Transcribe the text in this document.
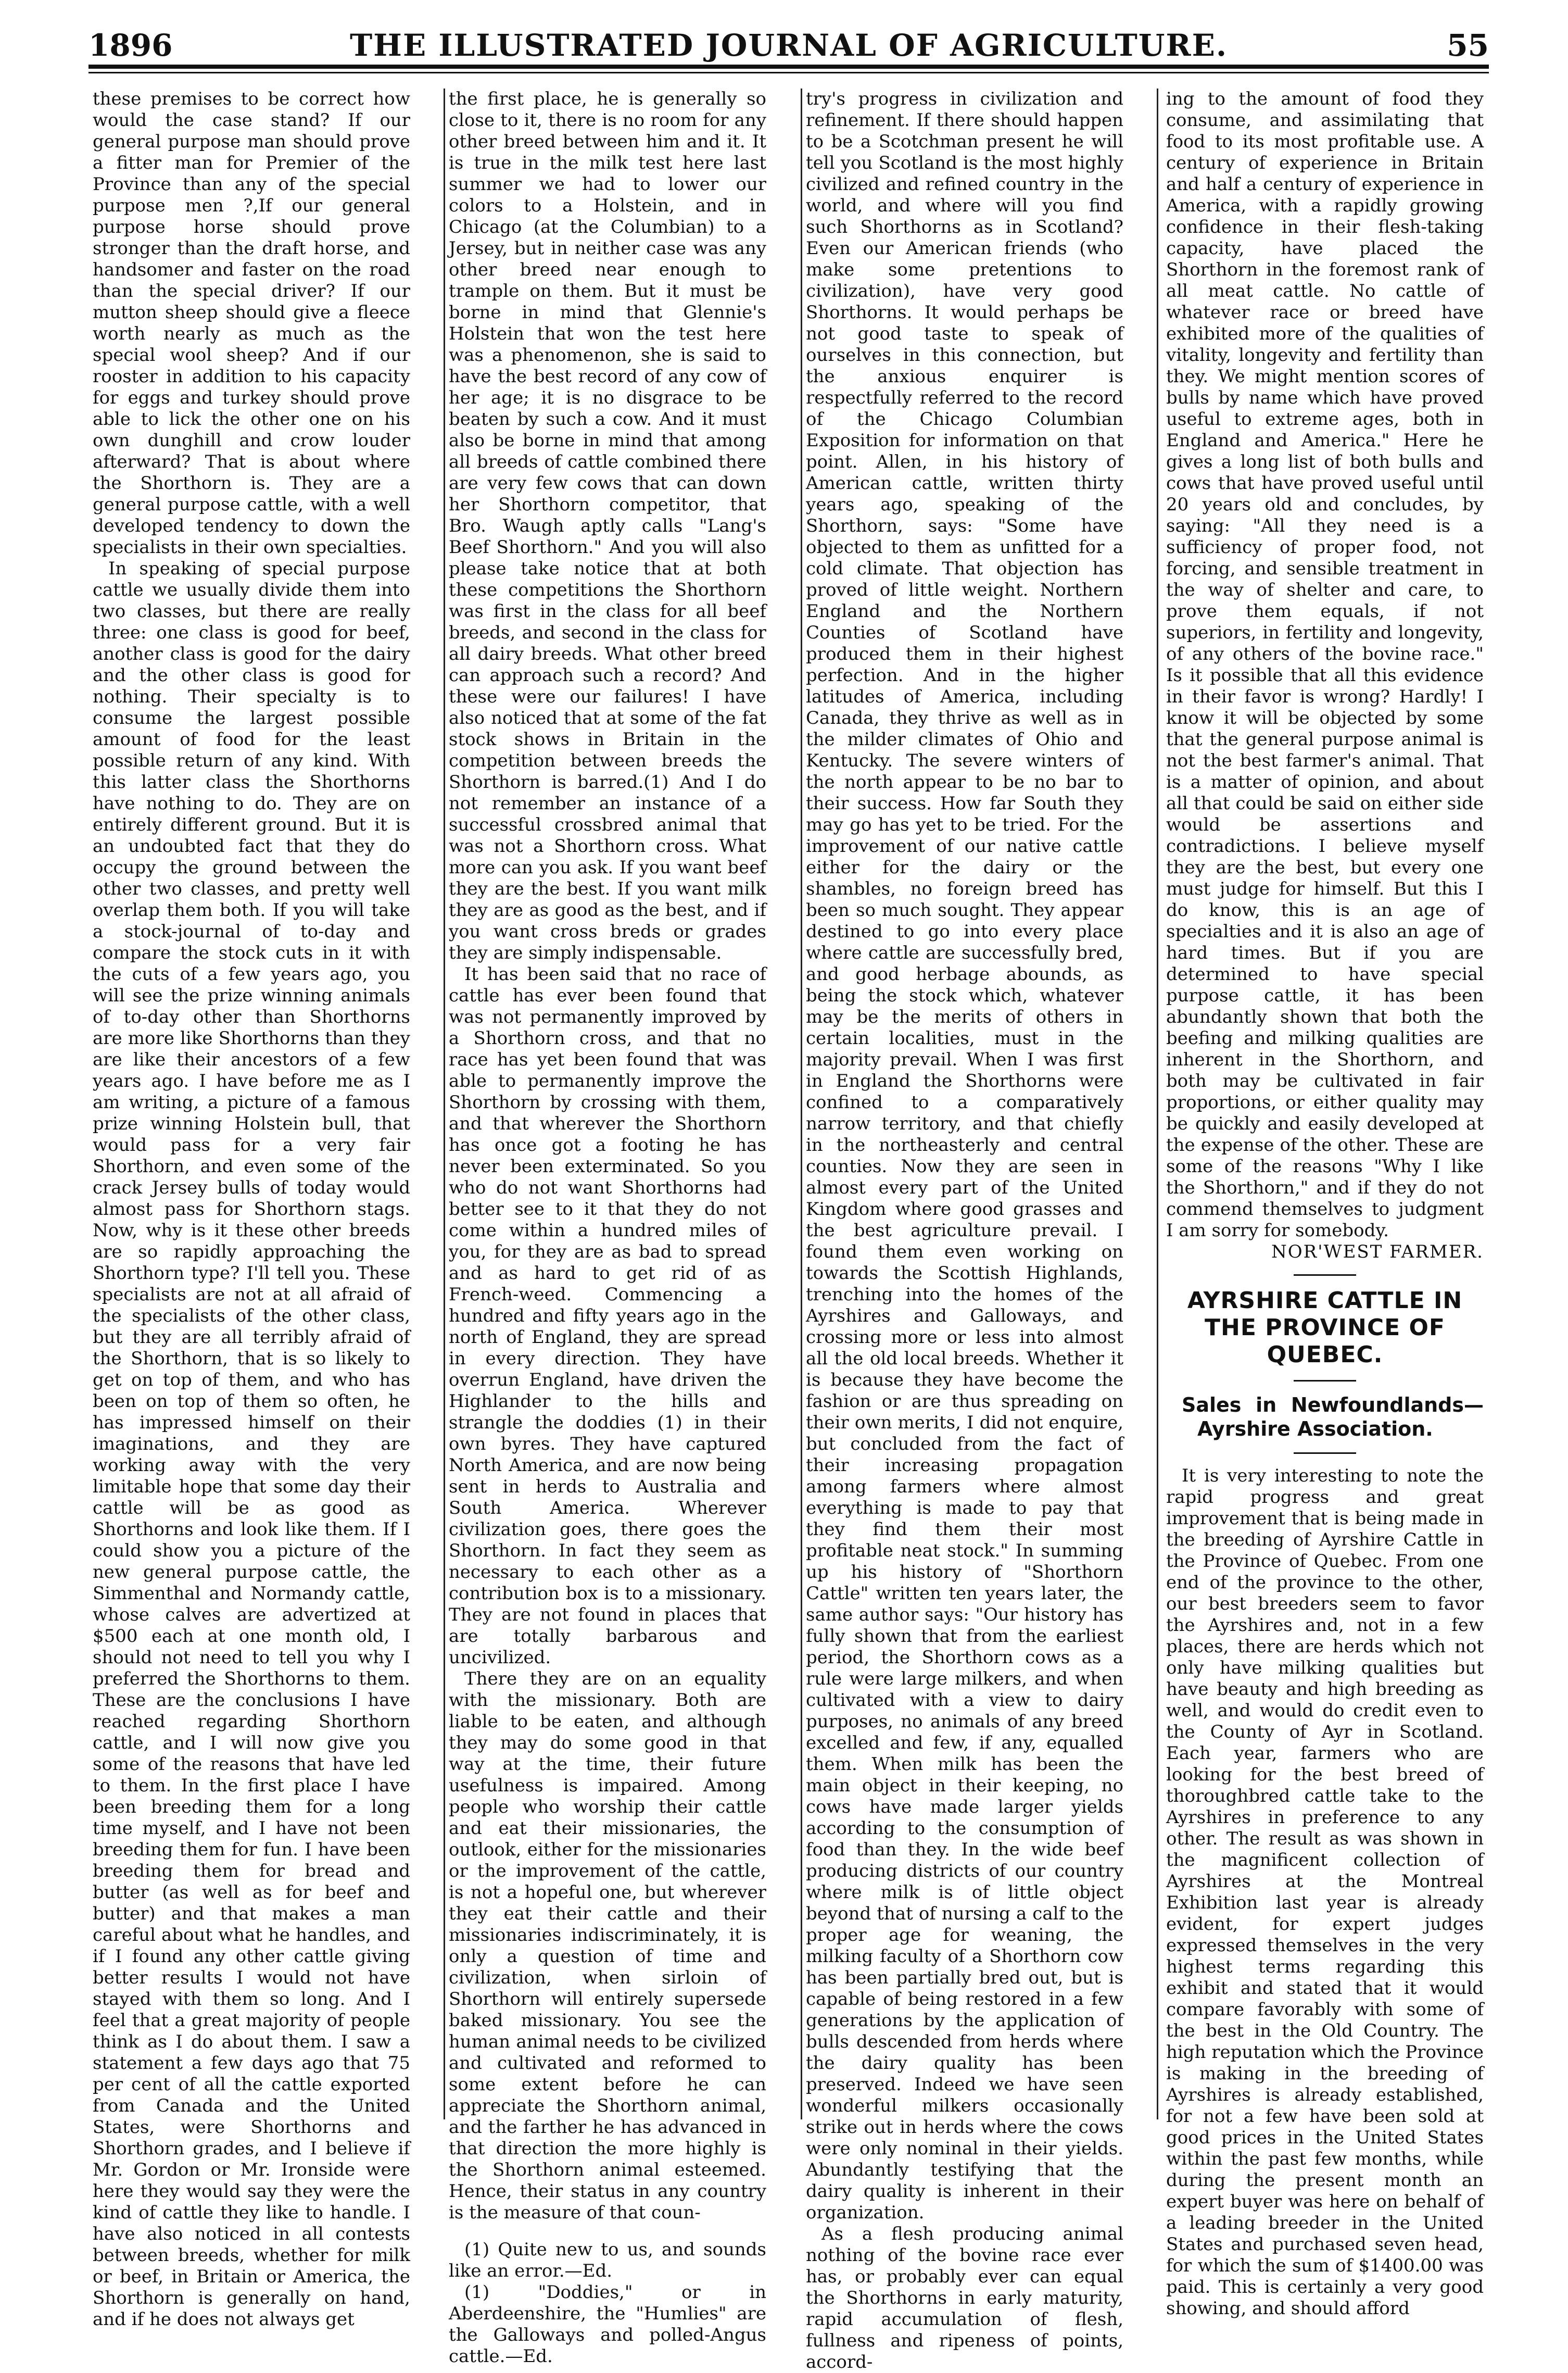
1896	THE ILLUSTRATED JOURNAL OF AGRICULTURE.	55

these premises to be correct how would the case stand? If our general purpose man should prove a fitter man for Premier of the Province than any of the special purpose men ?,If our general purpose horse should prove stronger than the draft horse, and handsomer and faster on the road than the special driver? If our mutton sheep should give a fleece worth nearly as much as the special wool sheep? And if our rooster in addition to his capacity for eggs and turkey should prove able to lick the other one on his own dunghill and crow louder afterward? That is about where the Shorthorn is. They are a general purpose cattle, with a well developed tendency to down the specialists in their own specialties.

In speaking of special purpose cattle we usually divide them into two classes, but there are really three: one class is good for beef, another class is good for the dairy and the other class is good for nothing. Their specialty is to consume the largest possible amount of food for the least possible return of any kind. With this latter class the Shorthorns have nothing to do. They are on entirely different ground. But it is an undoubted fact that they do occupy the ground between the other two classes, and pretty well overlap them both. If you will take a stock-journal of to-day and compare the stock cuts in it with the cuts of a few years ago, you will see the prize winning animals of to-day other than Shorthorns are more like Shorthorns than they are like their ancestors of a few years ago. I have before me as I am writing, a picture of a famous prize winning Holstein bull, that would pass for a very fair Shorthorn, and even some of the crack Jersey bulls of today would almost pass for Shorthorn stags. Now, why is it these other breeds are so rapidly approaching the Shorthorn type? I'll tell you. These specialists are not at all afraid of the specialists of the other class, but they are all terribly afraid of the Shorthorn, that is so likely to get on top of them, and who has been on top of them so often, he has impressed himself on their imaginations, and they are working away with the very limitable hope that some day their cattle will be as good as Shorthorns and look like them. If I could show you a picture of the new general purpose cattle, the Simmenthal and Normandy cattle, whose calves are advertized at $500 each at one month old, I should not need to tell you why I preferred the Shorthorns to them. These are the conclusions I have reached regarding Shorthorn cattle, and I will now give you some of the reasons that have led to them. In the first place I have been breeding them for a long time myself, and I have not been breeding them for fun. I have been breeding them for bread and butter (as well as for beef and butter) and that makes a man careful about what he handles, and if I found any other cattle giving better results I would not have stayed with them so long. And I feel that a great majority of people think as I do about them. I saw a statement a few days ago that 75 per cent of all the cattle exported from Canada and the United States, were Shorthorns and Shorthorn grades, and I believe if Mr. Gordon or Mr. Ironside were here they would say they were the kind of cattle they like to handle. I have also noticed in all contests between breeds, whether for milk or beef, in Britain or America, the Shorthorn is generally on hand, and if he does not always get

the first place, he is generally so close to it, there is no room for any other breed between him and it. It is true in the milk test here last summer we had to lower our colors to a Holstein, and in Chicago (at the Columbian) to a Jersey, but in neither case was any other breed near enough to trample on them. But it must be borne in mind that Glennie's Holstein that won the test here was a phenomenon, she is said to have the best record of any cow of her age; it is no disgrace to be beaten by such a cow. And it must also be borne in mind that among all breeds of cattle combined there are very few cows that can down her Shorthorn competitor, that Bro. Waugh aptly calls "Lang's Beef Shorthorn." And you will also please take notice that at both these competitions the Shorthorn was first in the class for all beef breeds, and second in the class for all dairy breeds. What other breed can approach such a record? And these were our failures! I have also noticed that at some of the fat stock shows in Britain in the competition between breeds the Shorthorn is barred.(1) And I do not remember an instance of a successful crossbred animal that was not a Shorthorn cross. What more can you ask. If you want beef they are the best. If you want milk they are as good as the best, and if you want cross breds or grades they are simply indispensable.

It has been said that no race of cattle has ever been found that was not permanently improved by a Shorthorn cross, and that no race has yet been found that was able to permanently improve the Shorthorn by crossing with them, and that wherever the Shorthorn has once got a footing he has never been exterminated. So you who do not want Shorthorns had better see to it that they do not come within a hundred miles of you, for they are as bad to spread and as hard to get rid of as French-weed. Commencing a hundred and fifty years ago in the north of England, they are spread in every direction. They have overrun England, have driven the Highlander to the hills and strangle the doddies (1) in their own byres. They have captured North America, and are now being sent in herds to Australia and South America. Wherever civilization goes, there goes the Shorthorn. In fact they seem as necessary to each other as a contribution box is to a missionary. They are not found in places that are totally barbarous and uncivilized.

There they are on an equality with the missionary. Both are liable to be eaten, and although they may do some good in that way at the time, their future usefulness is impaired. Among people who worship their cattle and eat their missionaries, the outlook, either for the missionaries or the improvement of the cattle, is not a hopeful one, but wherever they eat their cattle and their missionaries indiscriminately, it is only a question of time and civilization, when sirloin of Shorthorn will entirely supersede baked missionary. You see the human animal needs to be civilized and cultivated and reformed to some extent before he can appreciate the Shorthorn animal, and the farther he has advanced in that direction the more highly is the Shorthorn animal esteemed. Hence, their status in any country is the measure of that coun-

(1) Quite new to us, and sounds like an error.—Ed.

(1) "Doddies," or in Aberdeenshire, the "Humlies" are the Galloways and polled-Angus cattle.—Ed.

try's progress in civilization and refinement. If there should happen to be a Scotchman present he will tell you Scotland is the most highly civilized and refined country in the world, and where will you find such Shorthorns as in Scotland? Even our American friends (who make some pretentions to civilization), have very good Shorthorns. It would perhaps be not good taste to speak of ourselves in this connection, but the anxious enquirer is respectfully referred to the record of the Chicago Columbian Exposition for information on that point. Allen, in his history of American cattle, written thirty years ago, speaking of the Shorthorn, says: "Some have objected to them as unfitted for a cold climate. That objection has proved of little weight. Northern England and the Northern Counties of Scotland have produced them in their highest perfection. And in the higher latitudes of America, including Canada, they thrive as well as in the milder climates of Ohio and Kentucky. The severe winters of the north appear to be no bar to their success. How far South they may go has yet to be tried. For the improvement of our native cattle either for the dairy or the shambles, no foreign breed has been so much sought. They appear destined to go into every place where cattle are successfully bred, and good herbage abounds, as being the stock which, whatever may be the merits of others in certain localities, must in the majority prevail. When I was first in England the Shorthorns were confined to a comparatively narrow territory, and that chiefly in the northeasterly and central counties. Now they are seen in almost every part of the United Kingdom where good grasses and the best agriculture prevail. I found them even working on towards the Scottish Highlands, trenching into the homes of the Ayrshires and Galloways, and crossing more or less into almost all the old local breeds. Whether it is because they have become the fashion or are thus spreading on their own merits, I did not enquire, but concluded from the fact of their increasing propagation among farmers where almost everything is made to pay that they find them their most profitable neat stock." In summing up his history of "Shorthorn Cattle" written ten years later, the same author says: "Our history has fully shown that from the earliest period, the Shorthorn cows as a rule were large milkers, and when cultivated with a view to dairy purposes, no animals of any breed excelled and few, if any, equalled them. When milk has been the main object in their keeping, no cows have made larger yields according to the consumption of food than they. In the wide beef producing districts of our country where milk is of little object beyond that of nursing a calf to the proper age for weaning, the milking faculty of a Shorthorn cow has been partially bred out, but is capable of being restored in a few generations by the application of bulls descended from herds where the dairy quality has been preserved. Indeed we have seen wonderful milkers occasionally strike out in herds where the cows were only nominal in their yields. Abundantly testifying that the dairy quality is inherent in their organization.

As a flesh producing animal nothing of the bovine race ever has, or probably ever can equal the Shorthorns in early maturity, rapid accumulation of flesh, fullness and ripeness of points, accord-

ing to the amount of food they consume, and assimilating that food to its most profitable use. A century of experience in Britain and half a century of experience in America, with a rapidly growing confidence in their flesh-taking capacity, have placed the Shorthorn in the foremost rank of all meat cattle. No cattle of whatever race or breed have exhibited more of the qualities of vitality, longevity and fertility than they. We might mention scores of bulls by name which have proved useful to extreme ages, both in England and America." Here he gives a long list of both bulls and cows that have proved useful until 20 years old and concludes, by saying: "All they need is a sufficiency of proper food, not forcing, and sensible treatment in the way of shelter and care, to prove them equals, if not superiors, in fertility and longevity, of any others of the bovine race." Is it possible that all this evidence in their favor is wrong? Hardly! I know it will be objected by some that the general purpose animal is not the best farmer's animal. That is a matter of opinion, and about all that could be said on either side would be assertions and contradictions. I believe myself they are the best, but every one must judge for himself. But this I do know, this is an age of specialties and it is also an age of hard times. But if you are determined to have special purpose cattle, it has been abundantly shown that both the beefing and milking qualities are inherent in the Shorthorn, and both may be cultivated in fair proportions, or either quality may be quickly and easily developed at the expense of the other. These are some of the reasons "Why I like the Shorthorn," and if they do not commend themselves to judgment I am sorry for somebody.

NOR'WEST FARMER.

AYRSHIRE CATTLE IN THE PROVINCE OF QUEBEC.
Sales in Newfoundlands—Ayrshire Association.

It is very interesting to note the rapid progress and great improvement that is being made in the breeding of Ayrshire Cattle in the Province of Quebec. From one end of the province to the other, our best breeders seem to favor the Ayrshires and, not in a few places, there are herds which not only have milking qualities but have beauty and high breeding as well, and would do credit even to the County of Ayr in Scotland. Each year, farmers who are looking for the best breed of thoroughbred cattle take to the Ayrshires in preference to any other. The result as was shown in the magnificent collection of Ayrshires at the Montreal Exhibition last year is already evident, for expert judges expressed themselves in the very highest terms regarding this exhibit and stated that it would compare favorably with some of the best in the Old Country. The high reputation which the Province is making in the breeding of Ayrshires is already established, for not a few have been sold at good prices in the United States within the past few months, while during the present month an expert buyer was here on behalf of a leading breeder in the United States and purchased seven head, for which the sum of $1400.00 was paid. This is certainly a very good showing, and should afford
